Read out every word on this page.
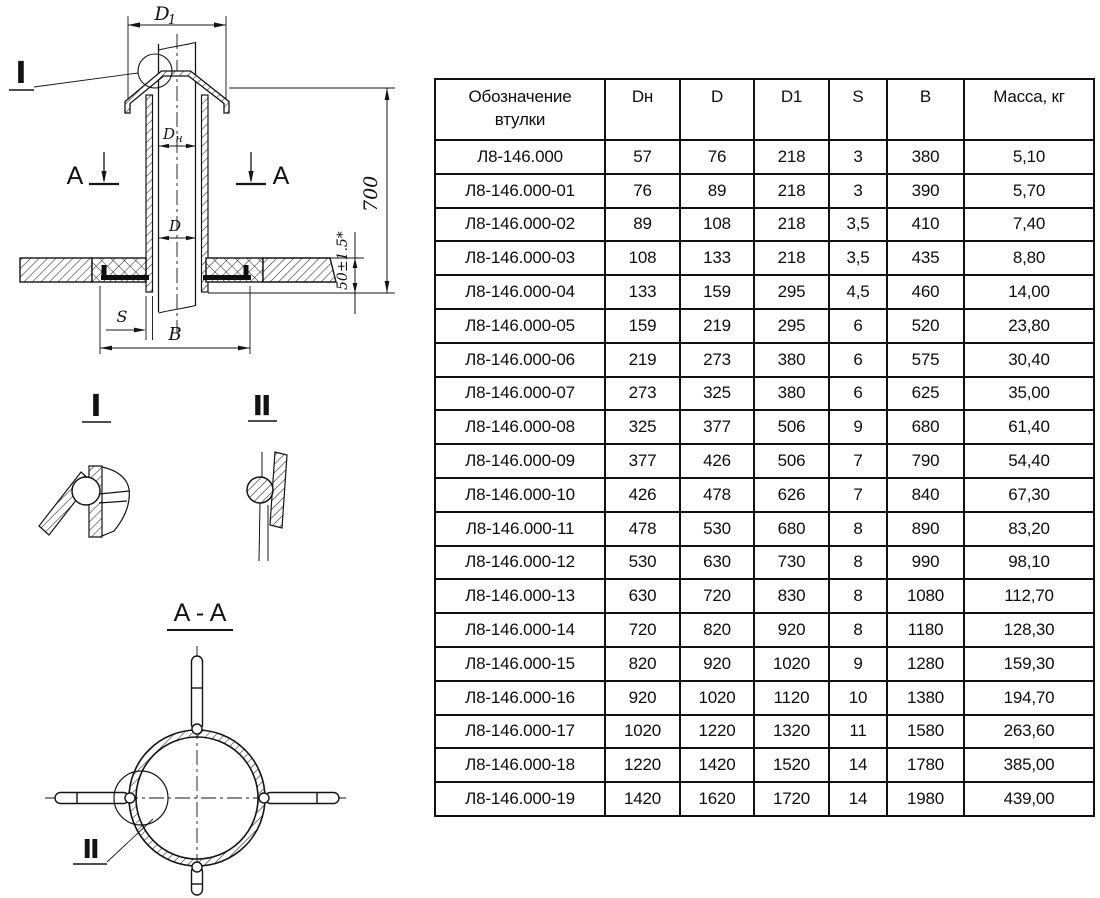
D
1
D н
D
S
B
700
50±1.5*
A	A
I
I	II
A - A
II
Обозначение втулки	Dн	D	D1	S	B	Масса, кг
Л8-146.000	57	76	218	3	380	5,10
Л8-146.000-01	76	89	218	3	390	5,70
Л8-146.000-02	89	108	218	3,5	410	7,40
Л8-146.000-03	108	133	218	3,5	435	8,80
Л8-146.000-04	133	159	295	4,5	460	14,00
Л8-146.000-05	159	219	295	6	520	23,80
Л8-146.000-06	219	273	380	6	575	30,40
Л8-146.000-07	273	325	380	6	625	35,00
Л8-146.000-08	325	377	506	9	680	61,40
Л8-146.000-09	377	426	506	7	790	54,40
Л8-146.000-10	426	478	626	7	840	67,30
Л8-146.000-11	478	530	680	8	890	83,20
Л8-146.000-12	530	630	730	8	990	98,10
Л8-146.000-13	630	720	830	8	1080	112,70
Л8-146.000-14	720	820	920	8	1180	128,30
Л8-146.000-15	820	920	1020	9	1280	159,30
Л8-146.000-16	920	1020	1120	10	1380	194,70
Л8-146.000-17	1020	1220	1320	11	1580	263,60
Л8-146.000-18	1220	1420	1520	14	1780	385,00
Л8-146.000-19	1420	1620	1720	14	1980	439,00
